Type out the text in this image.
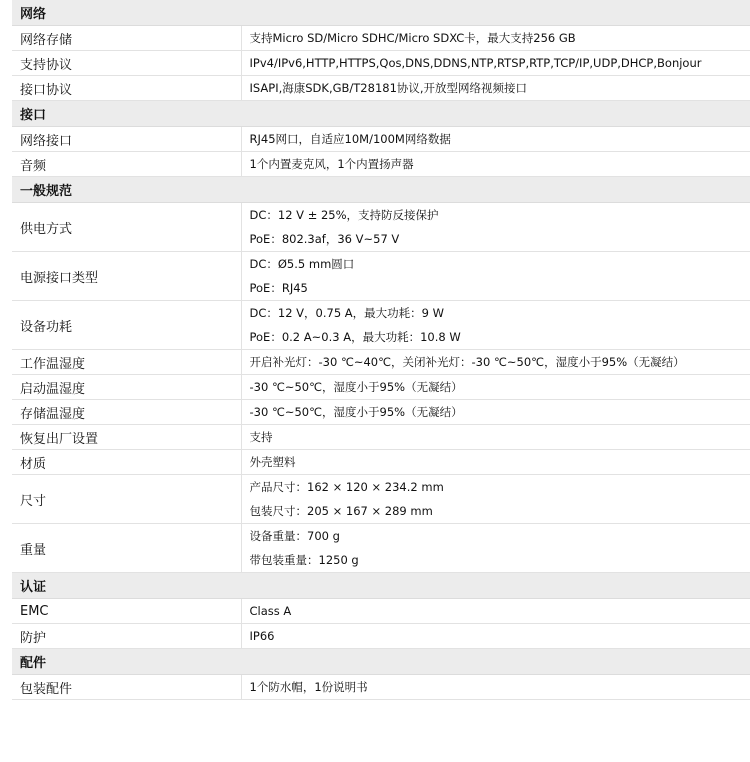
网络	
网络存储	支持Micro SD/Micro SDHC/Micro SDXC卡，最大支持256 GB
支持协议	IPv4/IPv6,HTTP,HTTPS,Qos,DNS,DDNS,NTP,RTSP,RTP,TCP/IP,UDP,DHCP,Bonjour
接口协议	ISAPI,海康SDK,GB/T28181协议,开放型网络视频接口
接口	
网络接口	RJ45网口，自适应10M/100M网络数据
音频	1个内置麦克风，1个内置扬声器
一般规范	
供电方式	DC：12 V ± 25%，支持防反接保护
PoE：802.3af，36 V~57 V

电源接口类型	DC：Ø5.5 mm圆口
PoE：RJ45

设备功耗	DC：12 V，0.75 A，最大功耗：9 W
PoE：0.2 A~0.3 A，最大功耗：10.8 W

工作温湿度	开启补光灯：-30 ℃~40℃，关闭补光灯：-30 ℃~50℃，湿度小于95%（无凝结）
启动温湿度	-30 ℃~50℃，湿度小于95%（无凝结）
存储温湿度	-30 ℃~50℃，湿度小于95%（无凝结）
恢复出厂设置	支持
材质	外壳塑料
尺寸	产品尺寸：162 × 120 × 234.2 mm
包装尺寸：205 × 167 × 289 mm

重量	设备重量：700 g
带包装重量：1250 g

认证	
EMC	Class A
防护	IP66
配件	
包装配件	1个防水帽，1份说明书
